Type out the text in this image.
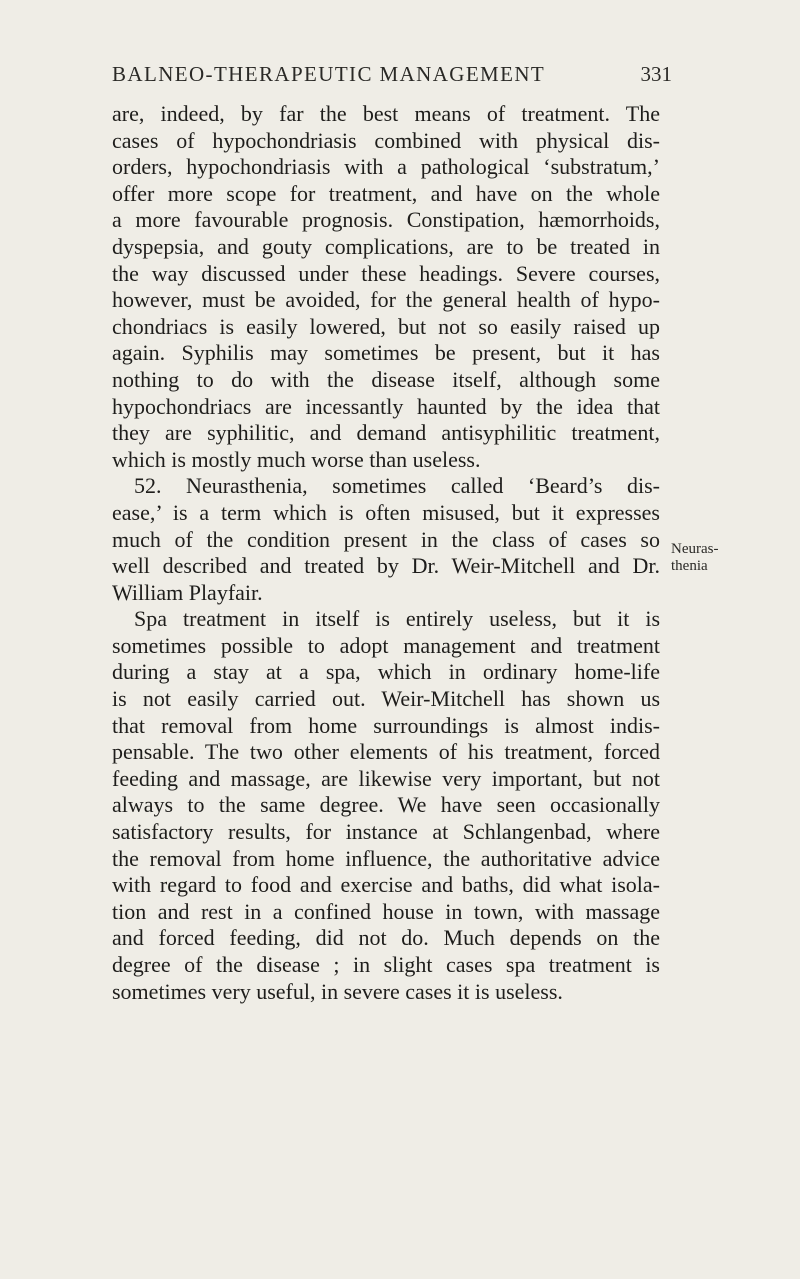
BALNEO-THERAPEUTIC MANAGEMENT	331
Neuras-
thenia
are, indeed, by far the best means of treatment. The
cases of hypochondriasis combined with physical dis-
orders, hypochondriasis with a pathological ‘substratum,’
offer more scope for treatment, and have on the whole
a more favourable prognosis. Constipation, hæmorrhoids,
dyspepsia, and gouty complications, are to be treated in
the way discussed under these headings. Severe courses,
however, must be avoided, for the general health of hypo-
chondriacs is easily lowered, but not so easily raised up
again. Syphilis may sometimes be present, but it has
nothing to do with the disease itself, although some
hypochondriacs are incessantly haunted by the idea that
they are syphilitic, and demand antisyphilitic treatment,
which is mostly much worse than useless.
52. Neurasthenia, sometimes called ‘Beard’s dis-
ease,’ is a term which is often misused, but it expresses
much of the condition present in the class of cases so
well described and treated by Dr. Weir-Mitchell and Dr.
William Playfair.
Spa treatment in itself is entirely useless, but it is
sometimes possible to adopt management and treatment
during a stay at a spa, which in ordinary home-life
is not easily carried out. Weir-Mitchell has shown us
that removal from home surroundings is almost indis-
pensable. The two other elements of his treatment, forced
feeding and massage, are likewise very important, but not
always to the same degree. We have seen occasionally
satisfactory results, for instance at Schlangenbad, where
the removal from home influence, the authoritative advice
with regard to food and exercise and baths, did what isola-
tion and rest in a confined house in town, with massage
and forced feeding, did not do. Much depends on the
degree of the disease ; in slight cases spa treatment is
sometimes very useful, in severe cases it is useless.
